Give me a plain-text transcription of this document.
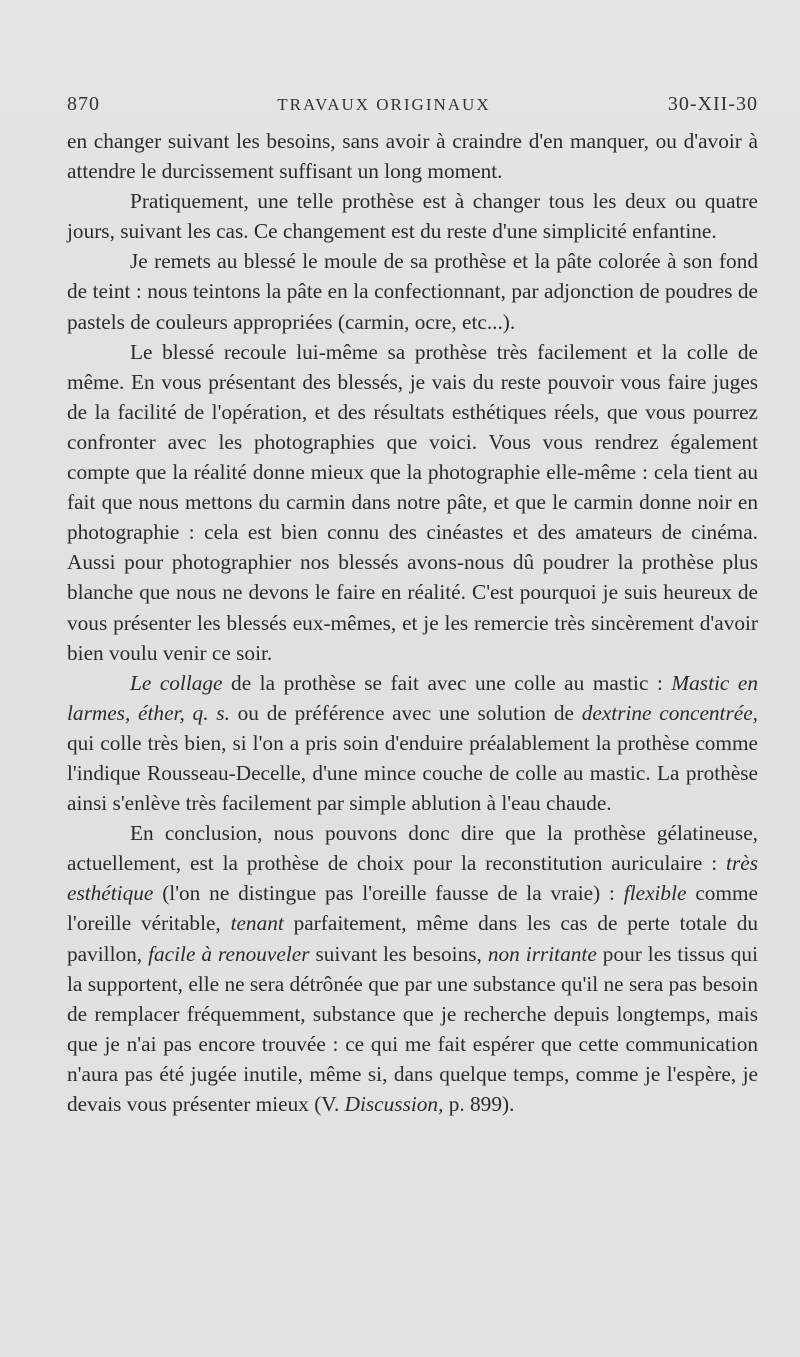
870	TRAVAUX ORIGINAUX	30-XII-30

en changer suivant les besoins, sans avoir à craindre d'en manquer, ou d'avoir à attendre le durcissement suffisant un long moment.

Pratiquement, une telle prothèse est à changer tous les deux ou quatre jours, suivant les cas. Ce changement est du reste d'une simplicité enfantine.

Je remets au blessé le moule de sa prothèse et la pâte colorée à son fond de teint : nous teintons la pâte en la confectionnant, par adjonction de poudres de pastels de couleurs appropriées (carmin, ocre, etc...).

Le blessé recoule lui-même sa prothèse très facilement et la colle de même. En vous présentant des blessés, je vais du reste pouvoir vous faire juges de la facilité de l'opération, et des résultats esthétiques réels, que vous pourrez confronter avec les photographies que voici. Vous vous rendrez également compte que la réalité donne mieux que la photographie elle-même : cela tient au fait que nous mettons du carmin dans notre pâte, et que le carmin donne noir en photographie : cela est bien connu des cinéastes et des amateurs de cinéma. Aussi pour photographier nos blessés avons-nous dû poudrer la prothèse plus blanche que nous ne devons le faire en réalité. C'est pourquoi je suis heureux de vous présenter les blessés eux-mêmes, et je les remercie très sincèrement d'avoir bien voulu venir ce soir.

Le collage de la prothèse se fait avec une colle au mastic : Mastic en larmes, éther, q. s. ou de préférence avec une solution de dextrine concentrée, qui colle très bien, si l'on a pris soin d'enduire préalablement la prothèse comme l'indique Rousseau-Decelle, d'une mince couche de colle au mastic. La prothèse ainsi s'enlève très facilement par simple ablution à l'eau chaude.

En conclusion, nous pouvons donc dire que la prothèse gélatineuse, actuellement, est la prothèse de choix pour la reconstitution auriculaire : très esthétique (l'on ne distingue pas l'oreille fausse de la vraie) : flexible comme l'oreille véritable, tenant parfaitement, même dans les cas de perte totale du pavillon, facile à renouveler suivant les besoins, non irritante pour les tissus qui la supportent, elle ne sera détrônée que par une substance qu'il ne sera pas besoin de remplacer fréquemment, substance que je recherche depuis longtemps, mais que je n'ai pas encore trouvée : ce qui me fait espérer que cette communication n'aura pas été jugée inutile, même si, dans quelque temps, comme je l'espère, je devais vous présenter mieux (V. Discussion, p. 899).
